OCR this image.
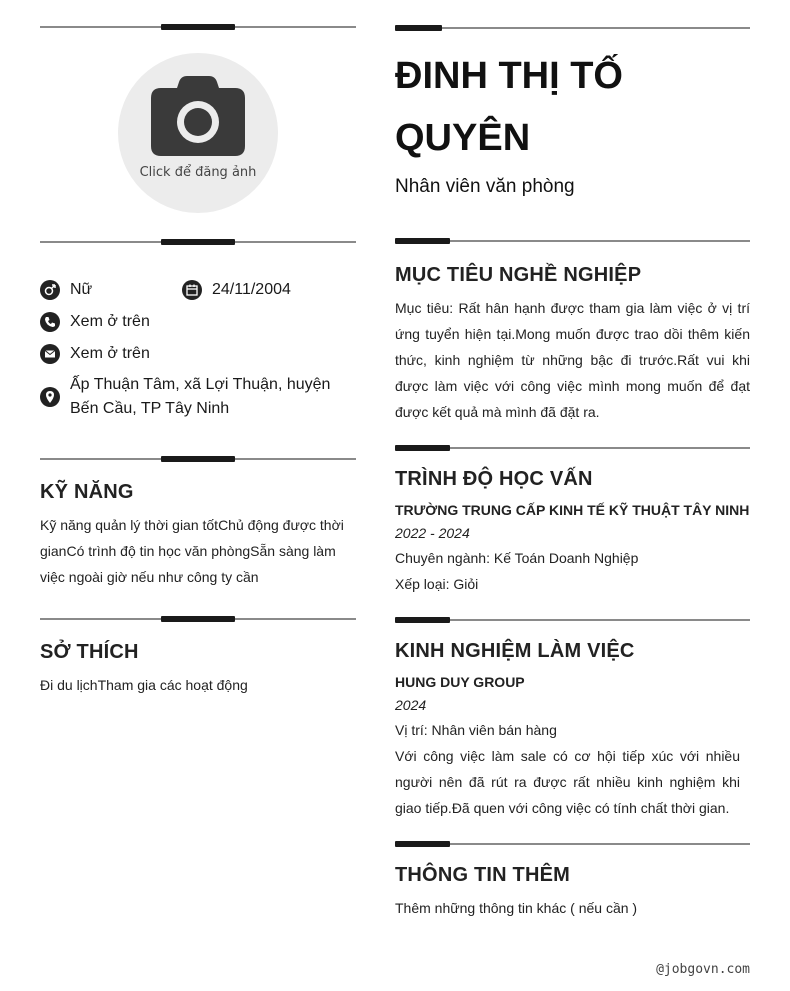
Click để đăng ảnh
Nữ	24/11/2004
Xem ở trên
Xem ở trên
Ấp Thuận Tâm, xã Lợi Thuận, huyện Bến Cầu, TP Tây Ninh
KỸ NĂNG
Kỹ năng quản lý thời gian tốtChủ động được thời gianCó trình độ tin học văn phòngSẵn sàng làm việc ngoài giờ nếu như công ty cần
SỞ THÍCH
Đi du lịchTham gia các hoạt động
ĐINH THỊ TỐ QUYÊN
Nhân viên văn phòng
MỤC TIÊU NGHỀ NGHIỆP
Mục tiêu: Rất hân hạnh được tham gia làm việc ở vị trí ứng tuyển hiện tại.Mong muốn được trao dồi thêm kiến thức, kinh nghiệm từ những bậc đi trước.Rất vui khi được làm việc với công việc mình mong muốn để đạt được kết quả mà mình đã đặt ra.
TRÌNH ĐỘ HỌC VẤN
TRƯỜNG TRUNG CẤP KINH TẾ KỸ THUẬT TÂY NINH
2022 - 2024
Chuyên ngành: Kế Toán Doanh Nghiệp
Xếp loại: Giỏi
KINH NGHIỆM LÀM VIỆC
HUNG DUY GROUP
2024
Vị trí: Nhân viên bán hàng
Với công việc làm sale có cơ hội tiếp xúc với nhiều người nên đã rút ra được rất nhiều kinh nghiệm khi giao tiếp.Đã quen với công việc có tính chất thời gian.
THÔNG TIN THÊM
Thêm những thông tin khác ( nếu cần )
@jobgovn.com
